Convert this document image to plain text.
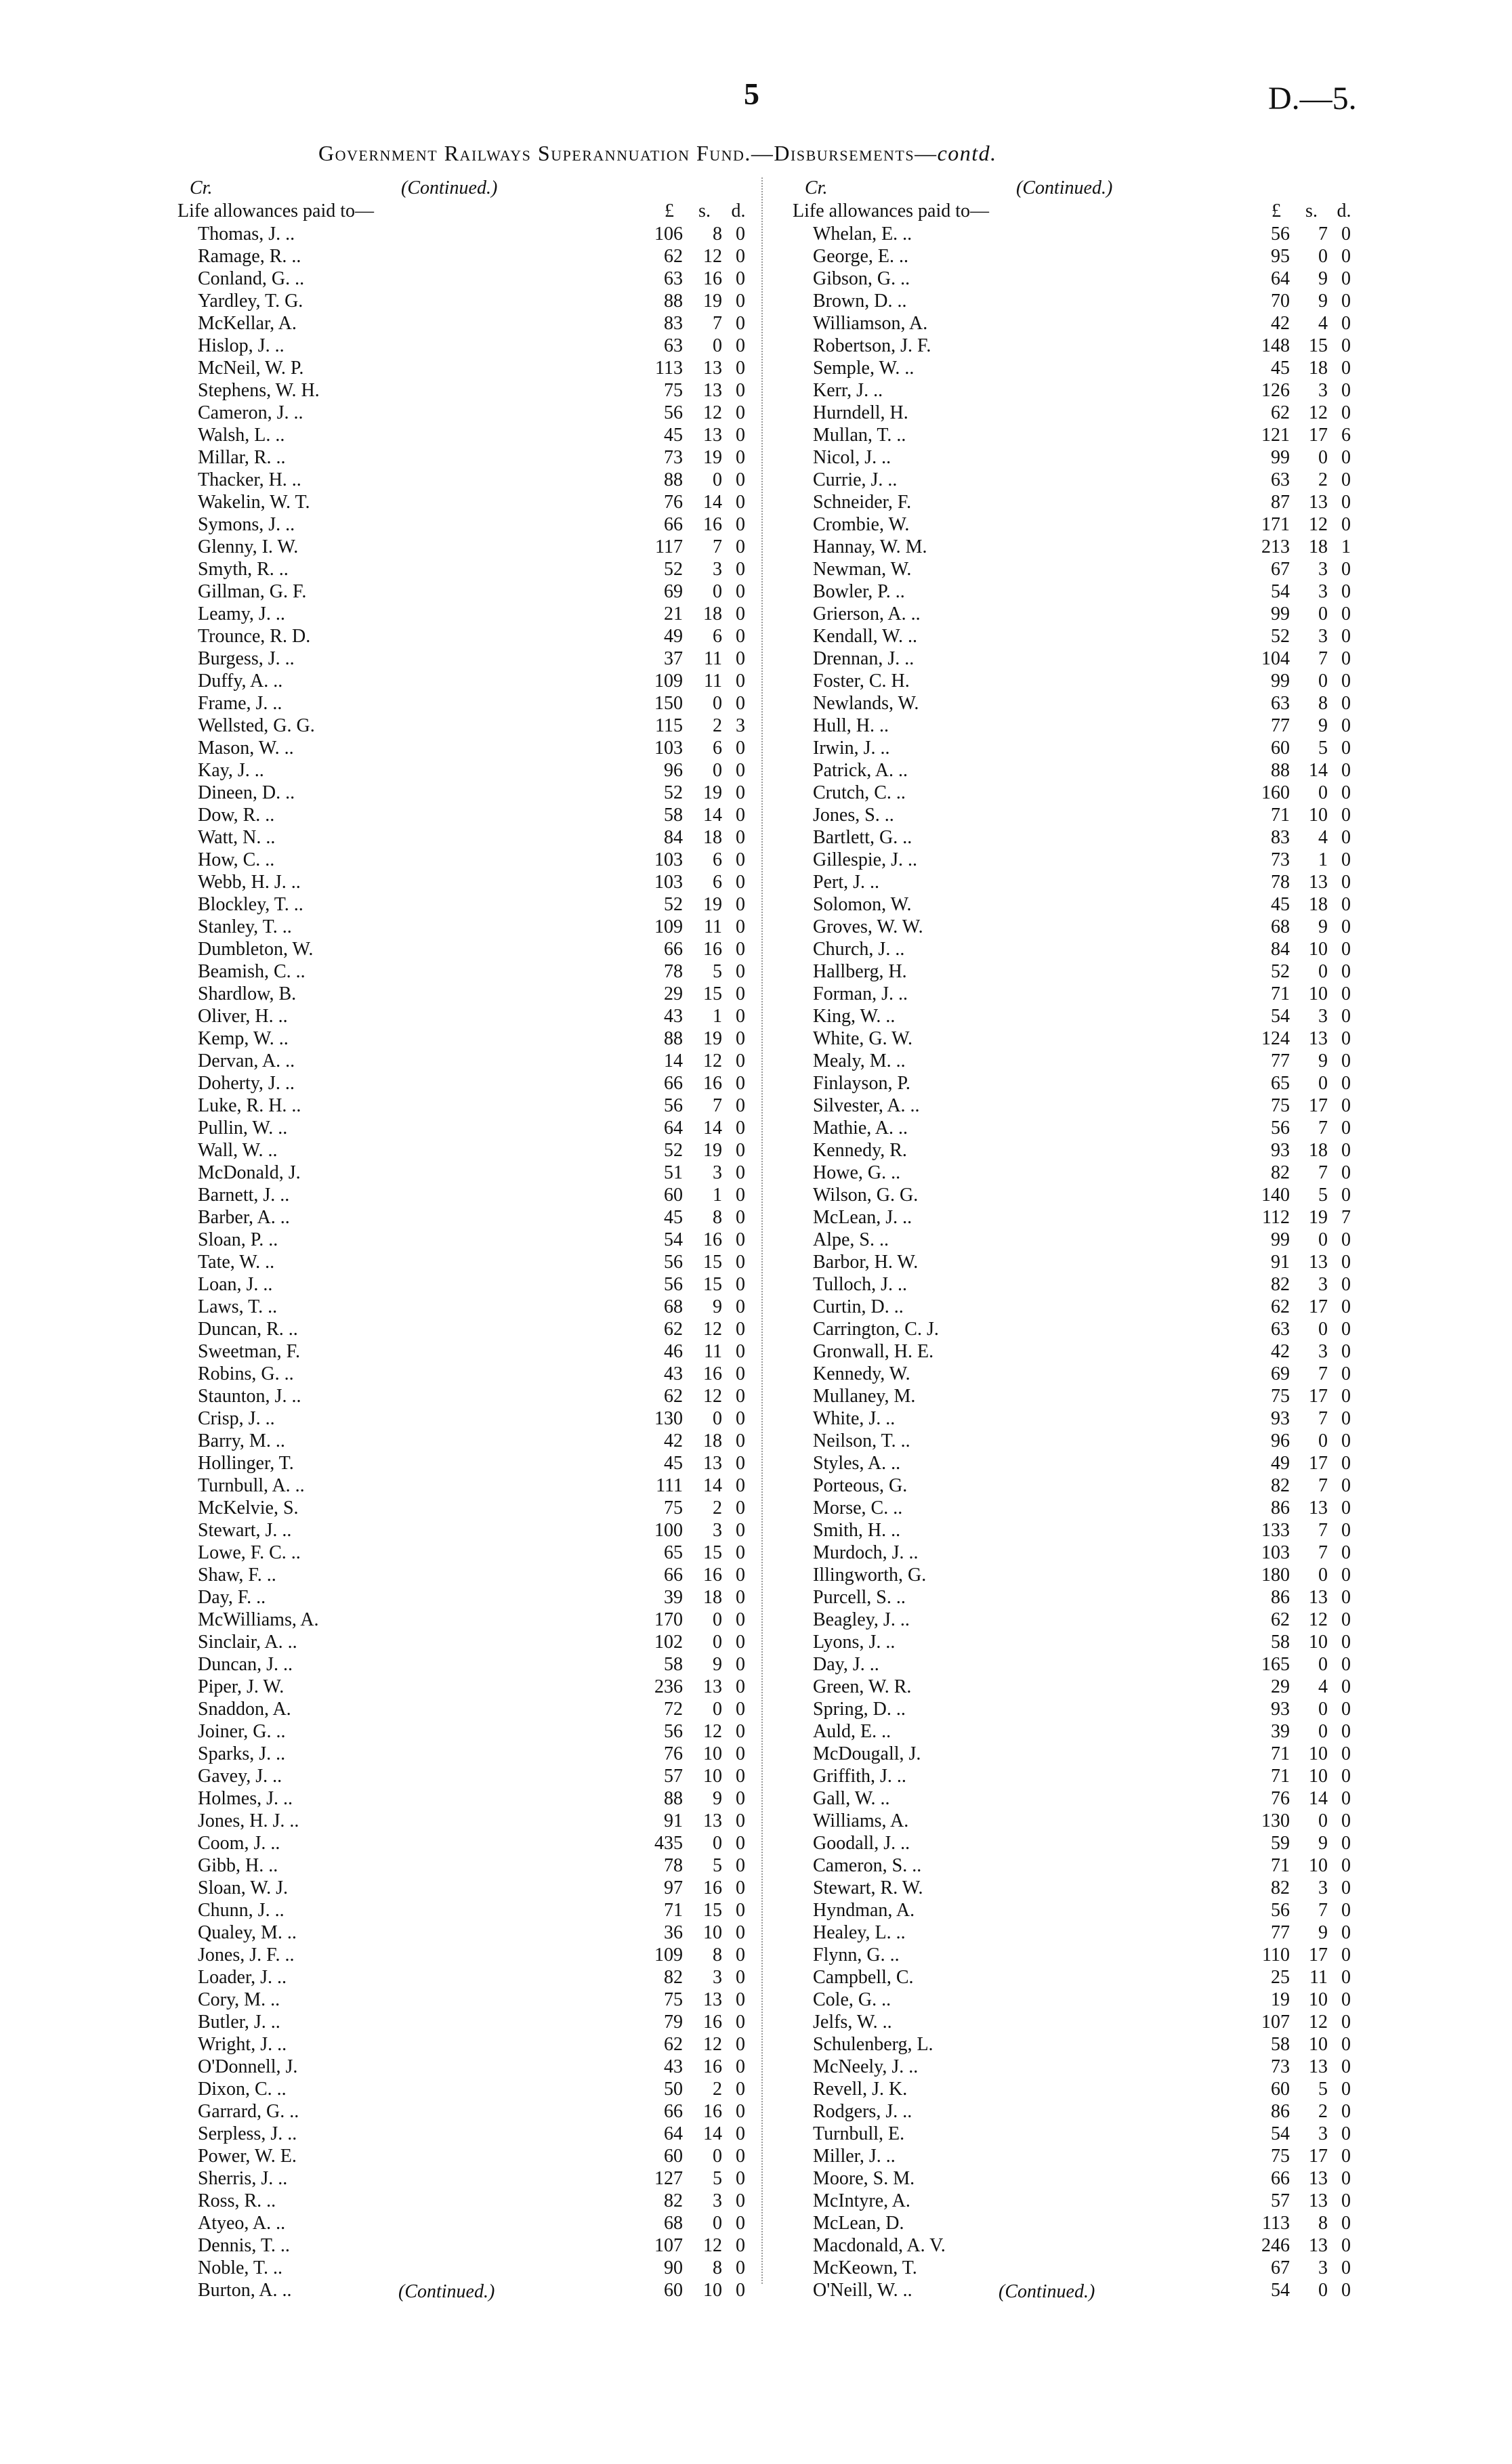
5	D.—5.
Government Railways Superannuation Fund.—Disbursements—contd.
Cr.	(Continued.)
Life allowances paid to—	£	s.	d.
Thomas, J. ..	106	8 0
Ramage, R. ..	62	12 0
Conland, G. ..	63	16 0
Yardley, T. G.	88	19 0
McKellar, A.	83	7 0
Hislop, J. ..	63	0 0
McNeil, W. P.	113	13 0
Stephens, W. H.	75	13 0
Cameron, J. ..	56	12 0
Walsh, L. ..	45	13 0
Millar, R. ..	73	19 0
Thacker, H. ..	88	0 0
Wakelin, W. T.	76	14 0
Symons, J. ..	66	16 0
Glenny, I. W.	117	7 0
Smyth, R. ..	52	3 0
Gillman, G. F.	69	0 0
Leamy, J. ..	21	18 0
Trounce, R. D.	49	6 0
Burgess, J. ..	37	11 0
Duffy, A. ..	109	11 0
Frame, J. ..	150	0 0
Wellsted, G. G.	115	2 3
Mason, W. ..	103	6 0
Kay, J. ..	96	0 0
Dineen, D. ..	52	19 0
Dow, R. ..	58	14 0
Watt, N. ..	84	18 0
How, C. ..	103	6 0
Webb, H. J. ..	103	6 0
Blockley, T. ..	52	19 0
Stanley, T. ..	109	11 0
Dumbleton, W.	66	16 0
Beamish, C. ..	78	5 0
Shardlow, B.	29	15 0
Oliver, H. ..	43	1 0
Kemp, W. ..	88	19 0
Dervan, A. ..	14	12 0
Doherty, J. ..	66	16 0
Luke, R. H. ..	56	7 0
Pullin, W. ..	64	14 0
Wall, W. ..	52	19 0
McDonald, J.	51	3 0
Barnett, J. ..	60	1 0
Barber, A. ..	45	8 0
Sloan, P. ..	54	16 0
Tate, W. ..	56	15 0
Loan, J. ..	56	15 0
Laws, T. ..	68	9 0
Duncan, R. ..	62	12 0
Sweetman, F.	46	11 0
Robins, G. ..	43	16 0
Staunton, J. ..	62	12 0
Crisp, J. ..	130	0 0
Barry, M. ..	42	18 0
Hollinger, T.	45	13 0
Turnbull, A. ..	111	14 0
McKelvie, S.	75	2 0
Stewart, J. ..	100	3 0
Lowe, F. C. ..	65	15 0
Shaw, F. ..	66	16 0
Day, F. ..	39	18 0
McWilliams, A.	170	0 0
Sinclair, A. ..	102	0 0
Duncan, J. ..	58	9 0
Piper, J. W.	236	13 0
Snaddon, A.	72	0 0
Joiner, G. ..	56	12 0
Sparks, J. ..	76	10 0
Gavey, J. ..	57	10 0
Holmes, J. ..	88	9 0
Jones, H. J. ..	91	13 0
Coom, J. ..	435	0 0
Gibb, H. ..	78	5 0
Sloan, W. J.	97	16 0
Chunn, J. ..	71	15 0
Qualey, M. ..	36	10 0
Jones, J. F. ..	109	8 0
Loader, J. ..	82	3 0
Cory, M. ..	75	13 0
Butler, J. ..	79	16 0
Wright, J. ..	62	12 0
O'Donnell, J.	43	16 0
Dixon, C. ..	50	2 0
Garrard, G. ..	66	16 0
Serpless, J. ..	64	14 0
Power, W. E.	60	0 0
Sherris, J. ..	127	5 0
Ross, R. ..	82	3 0
Atyeo, A. ..	68	0 0
Dennis, T. ..	107	12 0
Noble, T. ..	90	8 0
Burton, A. ..	60	10 0
Cr.	(Continued.)
Life allowances paid to—	£	s.	d.
Whelan, E. ..	56	7 0
George, E. ..	95	0 0
Gibson, G. ..	64	9 0
Brown, D. ..	70	9 0
Williamson, A.	42	4 0
Robertson, J. F.	148	15 0
Semple, W. ..	45	18 0
Kerr, J. ..	126	3 0
Hurndell, H.	62	12 0
Mullan, T. ..	121	17 6
Nicol, J. ..	99	0 0
Currie, J. ..	63	2 0
Schneider, F.	87	13 0
Crombie, W.	171	12 0
Hannay, W. M.	213	18 1
Newman, W.	67	3 0
Bowler, P. ..	54	3 0
Grierson, A. ..	99	0 0
Kendall, W. ..	52	3 0
Drennan, J. ..	104	7 0
Foster, C. H.	99	0 0
Newlands, W.	63	8 0
Hull, H. ..	77	9 0
Irwin, J. ..	60	5 0
Patrick, A. ..	88	14 0
Crutch, C. ..	160	0 0
Jones, S. ..	71	10 0
Bartlett, G. ..	83	4 0
Gillespie, J. ..	73	1 0
Pert, J. ..	78	13 0
Solomon, W.	45	18 0
Groves, W. W.	68	9 0
Church, J. ..	84	10 0
Hallberg, H.	52	0 0
Forman, J. ..	71	10 0
King, W. ..	54	3 0
White, G. W.	124	13 0
Mealy, M. ..	77	9 0
Finlayson, P.	65	0 0
Silvester, A. ..	75	17 0
Mathie, A. ..	56	7 0
Kennedy, R.	93	18 0
Howe, G. ..	82	7 0
Wilson, G. G.	140	5 0
McLean, J. ..	112	19 7
Alpe, S. ..	99	0 0
Barbor, H. W.	91	13 0
Tulloch, J. ..	82	3 0
Curtin, D. ..	62	17 0
Carrington, C. J.	63	0 0
Gronwall, H. E.	42	3 0
Kennedy, W.	69	7 0
Mullaney, M.	75	17 0
White, J. ..	93	7 0
Neilson, T. ..	96	0 0
Styles, A. ..	49	17 0
Porteous, G.	82	7 0
Morse, C. ..	86	13 0
Smith, H. ..	133	7 0
Murdoch, J. ..	103	7 0
Illingworth, G.	180	0 0
Purcell, S. ..	86	13 0
Beagley, J. ..	62	12 0
Lyons, J. ..	58	10 0
Day, J. ..	165	0 0
Green, W. R.	29	4 0
Spring, D. ..	93	0 0
Auld, E. ..	39	0 0
McDougall, J.	71	10 0
Griffith, J. ..	71	10 0
Gall, W. ..	76	14 0
Williams, A.	130	0 0
Goodall, J. ..	59	9 0
Cameron, S. ..	71	10 0
Stewart, R. W.	82	3 0
Hyndman, A.	56	7 0
Healey, L. ..	77	9 0
Flynn, G. ..	110	17 0
Campbell, C.	25	11 0
Cole, G. ..	19	10 0
Jelfs, W. ..	107	12 0
Schulenberg, L.	58	10 0
McNeely, J. ..	73	13 0
Revell, J. K.	60	5 0
Rodgers, J. ..	86	2 0
Turnbull, E.	54	3 0
Miller, J. ..	75	17 0
Moore, S. M.	66	13 0
McIntyre, A.	57	13 0
McLean, D.	113	8 0
Macdonald, A. V.	246	13 0
McKeown, T.	67	3 0
O'Neill, W. ..	54	0 0
(Continued.)	(Continued.)
